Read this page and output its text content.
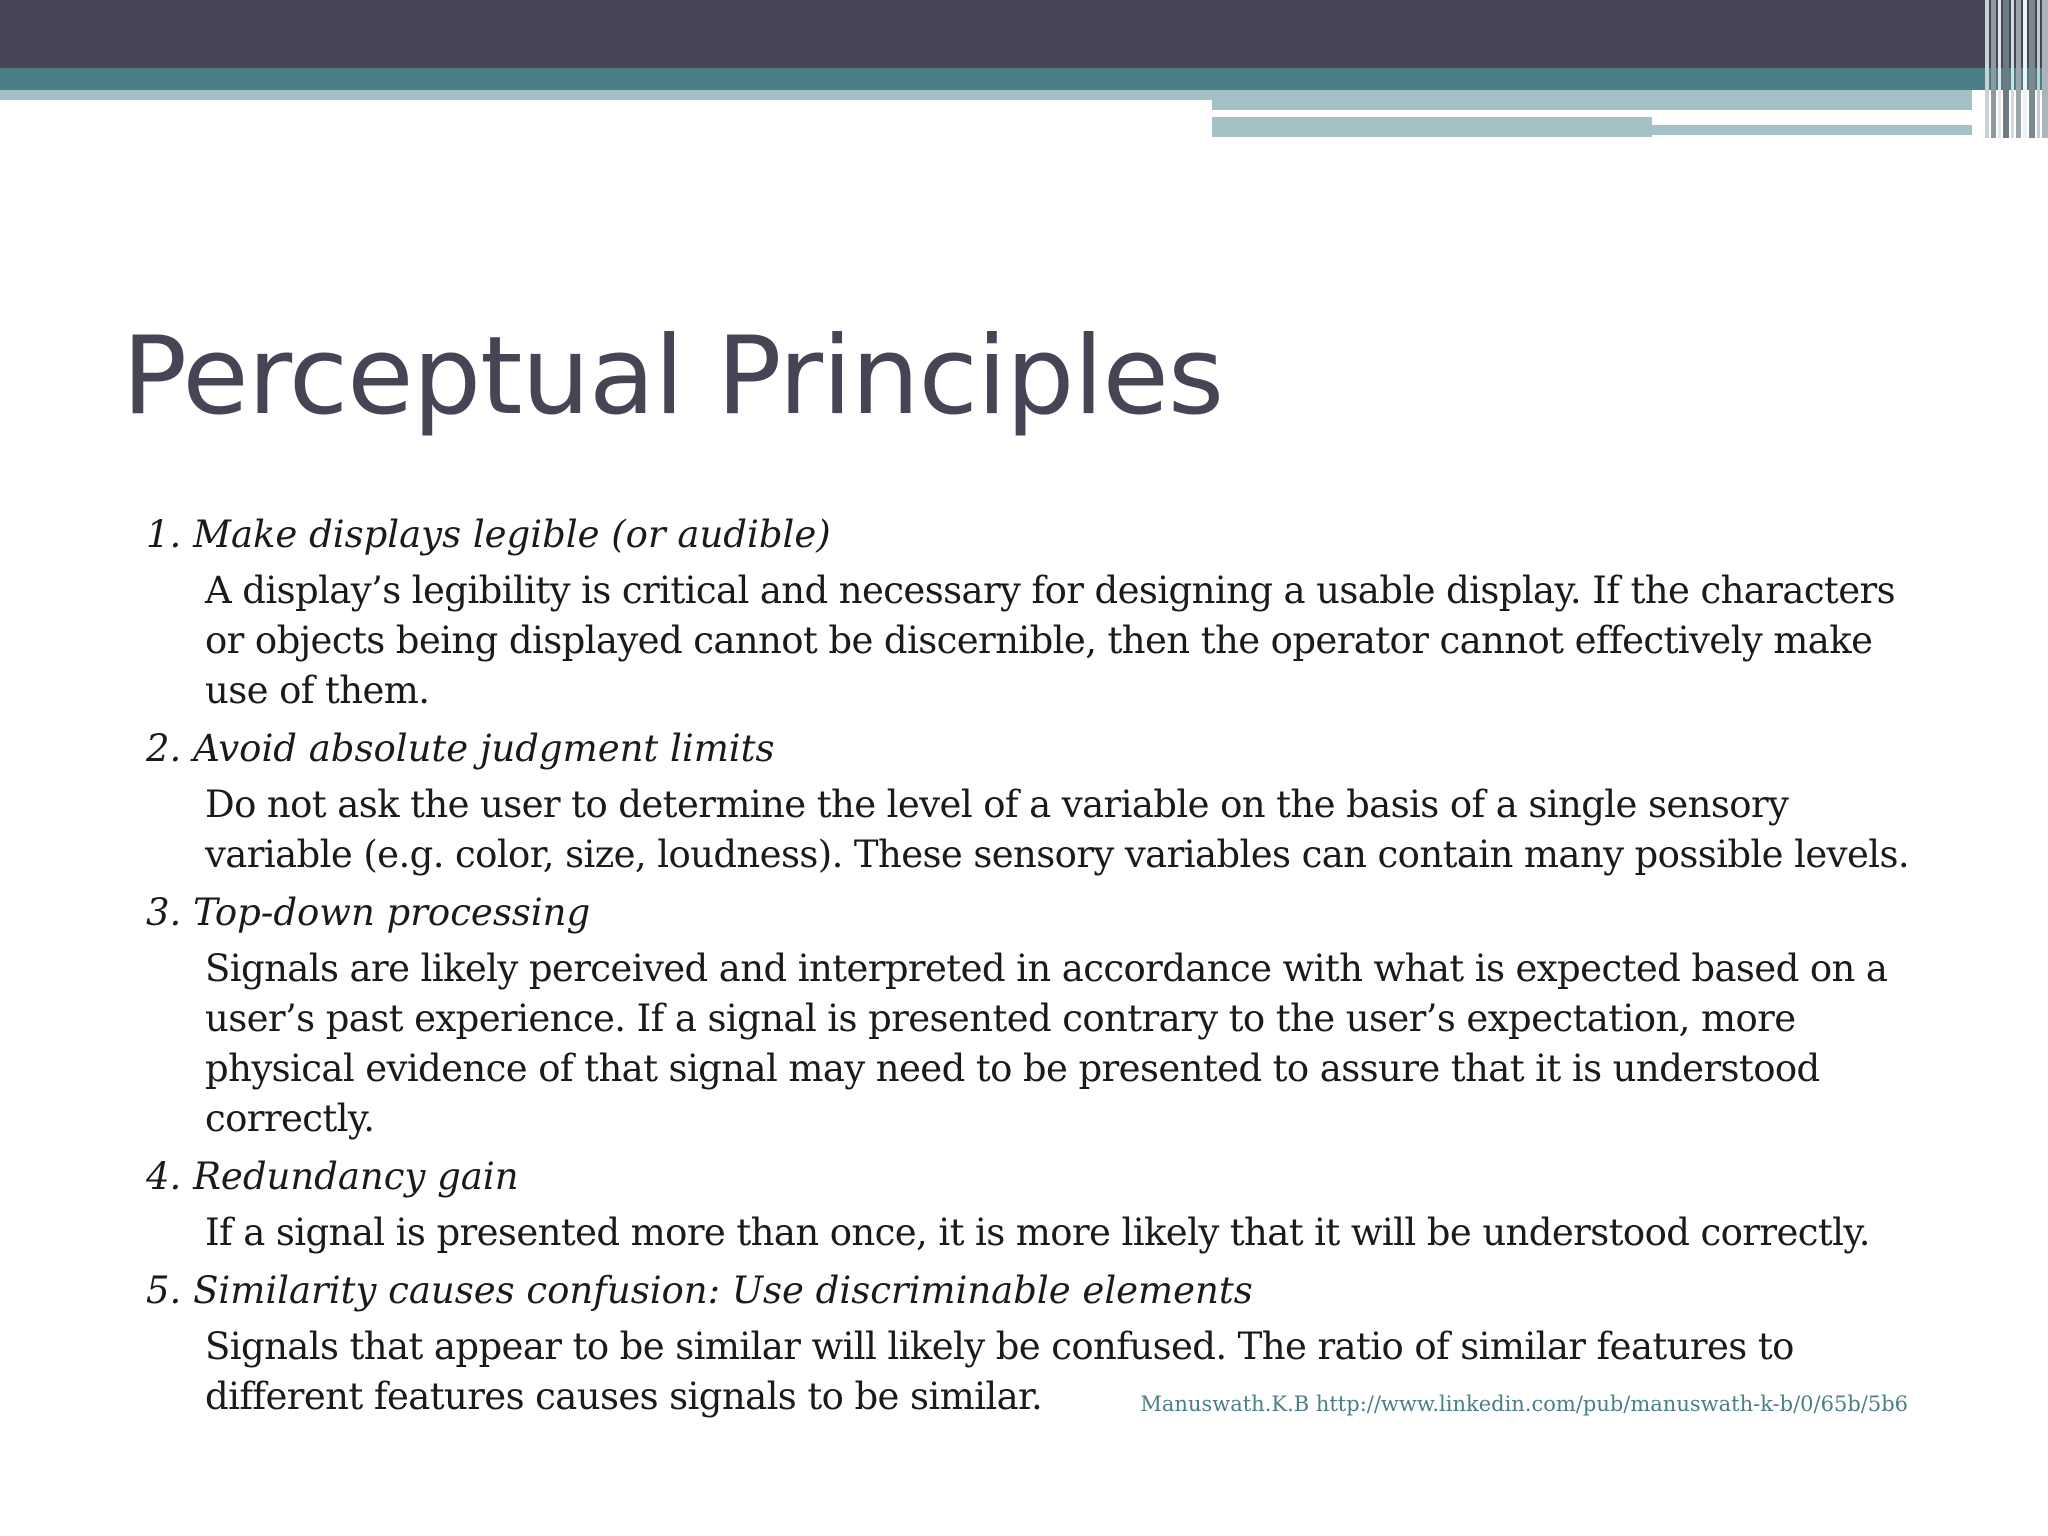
Perceptual Principles

1. Make displays legible (or audible)

A display’s legibility is critical and necessary for designing a usable display. If the characters or objects being displayed cannot be discernible, then the operator cannot effectively make use of them.

2. Avoid absolute judgment limits

Do not ask the user to determine the level of a variable on the basis of a single sensory variable (e.g. color, size, loudness). These sensory variables can contain many possible levels.

3. Top-down processing

Signals are likely perceived and interpreted in accordance with what is expected based on a user’s past experience. If a signal is presented contrary to the user’s expectation, more physical evidence of that signal may need to be presented to assure that it is understood correctly.

4. Redundancy gain

If a signal is presented more than once, it is more likely that it will be understood correctly.

5. Similarity causes confusion: Use discriminable elements

Signals that appear to be similar will likely be confused. The ratio of similar features to different features causes signals to be similar.	Manuswath.K.B http://www.linkedin.com/pub/manuswath-k-b/0/65b/5b6
